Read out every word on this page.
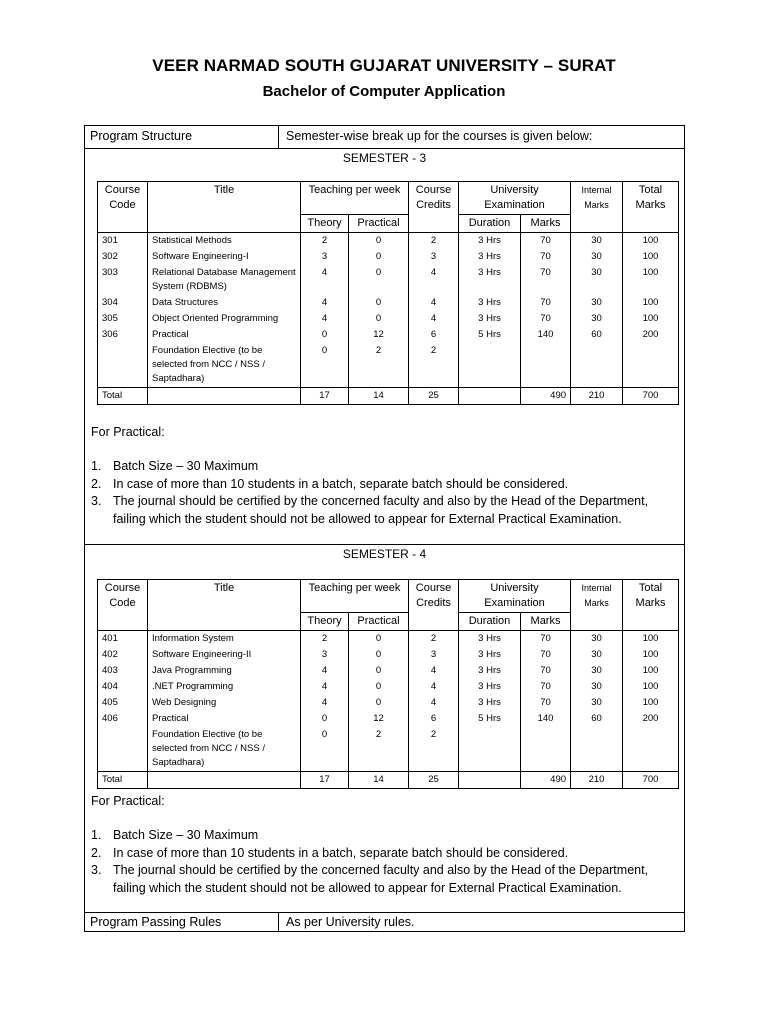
VEER NARMAD SOUTH GUJARAT UNIVERSITY – SURAT
Bachelor of Computer Application
Program Structure	Semester-wise break up for the courses is given below:
SEMESTER - 3
Course Code	Title	Teaching per week		Course Credits	University Examination		Internal Marks	Total Marks
		Theory	Practical		Duration	Marks		
301	Statistical Methods	2	0	2	3 Hrs	70	30	100
302	Software Engineering-I	3	0	3	3 Hrs	70	30	100
303	Relational Database Management System (RDBMS)	4	0	4	3 Hrs	70	30	100
304	Data Structures	4	0	4	3 Hrs	70	30	100
305	Object Oriented Programming	4	0	4	3 Hrs	70	30	100
306	Practical	0	12	6	5 Hrs	140	60	200
	Foundation Elective (to be selected from NCC / NSS / Saptadhara)	0	2	2				
Total		17	14	25		490	210	700
For Practical:
1. Batch Size – 30 Maximum
2. In case of more than 10 students in a batch, separate batch should be considered.
3. The journal should be certified by the concerned faculty and also by the Head of the Department, failing which the student should not be allowed to appear for External Practical Examination.
SEMESTER - 4
Course Code	Title	Teaching per week		Course Credits	University Examination		Internal Marks	Total Marks
		Theory	Practical		Duration	Marks		
401	Information System	2	0	2	3 Hrs	70	30	100
402	Software Engineering-II	3	0	3	3 Hrs	70	30	100
403	Java Programming	4	0	4	3 Hrs	70	30	100
404	.NET Programming	4	0	4	3 Hrs	70	30	100
405	Web Designing	4	0	4	3 Hrs	70	30	100
406	Practical	0	12	6	5 Hrs	140	60	200
	Foundation Elective (to be selected from NCC / NSS / Saptadhara)	0	2	2				
Total		17	14	25		490	210	700
For Practical:
1. Batch Size – 30 Maximum
2. In case of more than 10 students in a batch, separate batch should be considered.
3. The journal should be certified by the concerned faculty and also by the Head of the Department, failing which the student should not be allowed to appear for External Practical Examination.
Program Passing Rules	As per University rules.
